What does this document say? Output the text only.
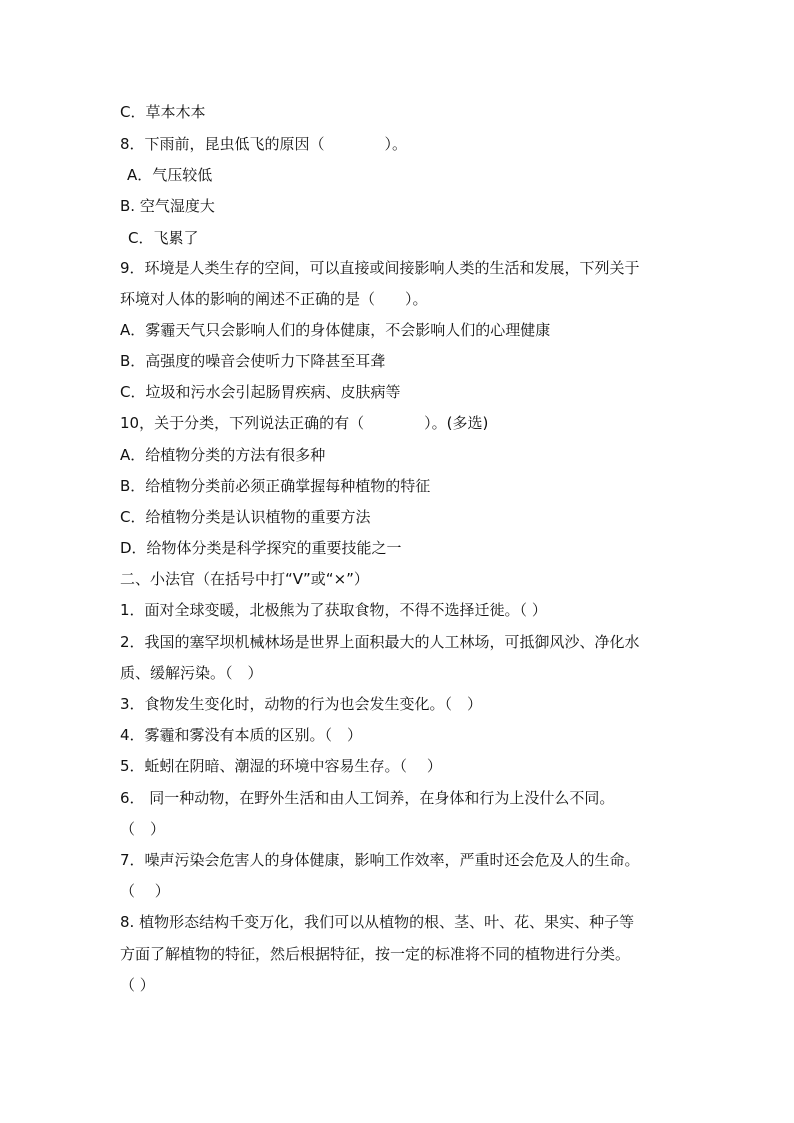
C．草本木本
8．下雨前，昆虫低飞的原因（　　　　）。
A．气压较低
B. 空气湿度大
C．飞累了
9．环境是人类生存的空间，可以直接或间接影响人类的生活和发展，下列关于
环境对人体的影响的阐述不正确的是（　　）。
A．雾霾天气只会影响人们的身体健康，不会影响人们的心理健康
B．高强度的噪音会使听力下降甚至耳聋
C．垃圾和污水会引起肠胃疾病、皮肤病等
10，关于分类，下列说法正确的有（　　　　）。(多选)
A．给植物分类的方法有很多种
B．给植物分类前必须正确掌握每种植物的特征
C．给植物分类是认识植物的重要方法
D．给物体分类是科学探究的重要技能之一
二、小法官（在括号中打“V”或“×”）
1．面对全球变暖，北极熊为了获取食物，不得不选择迁徙。（ ）
2．我国的塞罕坝机械林场是世界上面积最大的人工林场，可抵御风沙、净化水
质、缓解污染。（　）
3．食物发生变化时，动物的行为也会发生变化。（　）
4．雾霾和雾没有本质的区别。（　）
5．蚯蚓在阴暗、潮湿的环境中容易生存。（　 ）
6． 同一种动物，在野外生活和由人工饲养，在身体和行为上没什么不同。
（　）
7．噪声污染会危害人的身体健康，影响工作效率，严重时还会危及人的生命。
（　 ）
8. 植物形态结构千变万化，我们可以从植物的根、茎、叶、花、果实、种子等
方面了解植物的特征，然后根据特征，按一定的标准将不同的植物进行分类。
（ ）
